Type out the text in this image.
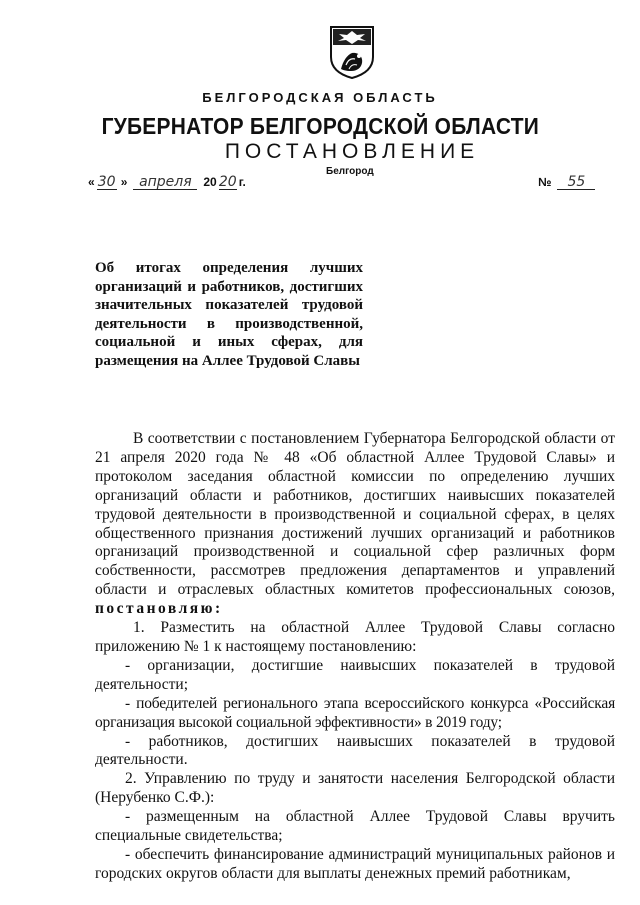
БЕЛГОРОДСКАЯ ОБЛАСТЬ
ГУБЕРНАТОР БЕЛГОРОДСКОЙ ОБЛАСТИ
ПОСТАНОВЛЕНИЕ
Белгород
« 30 » апреля 20 20 г.	№ 55
Об итогах определения лучших организаций и работников, достигших значительных показателей трудовой деятельности в производственной, социальной и иных сферах, для размещения на Аллее Трудовой Славы

В соответствии с постановлением Губернатора Белгородской области от 21 апреля 2020 года № 48 «Об областной Аллее Трудовой Славы» и протоколом заседания областной комиссии по определению лучших организаций области и работников, достигших наивысших показателей трудовой деятельности в производственной и социальной сферах, в целях общественного признания достижений лучших организаций и работников организаций производственной и социальной сфер различных форм собственности, рассмотрев предложения департаментов и управлений области и отраслевых областных комитетов профессиональных союзов, постановляю:

1. Разместить на областной Аллее Трудовой Славы согласно приложению № 1 к настоящему постановлению:

- организации, достигшие наивысших показателей в трудовой деятельности;

- победителей регионального этапа всероссийского конкурса «Российская организация высокой социальной эффективности» в 2019 году;

- работников, достигших наивысших показателей в трудовой деятельности.

2. Управлению по труду и занятости населения Белгородской области (Нерубенко С.Ф.):

- размещенным на областной Аллее Трудовой Славы вручить специальные свидетельства;

- обеспечить финансирование администраций муниципальных районов и городских округов области для выплаты денежных премий работникам,
